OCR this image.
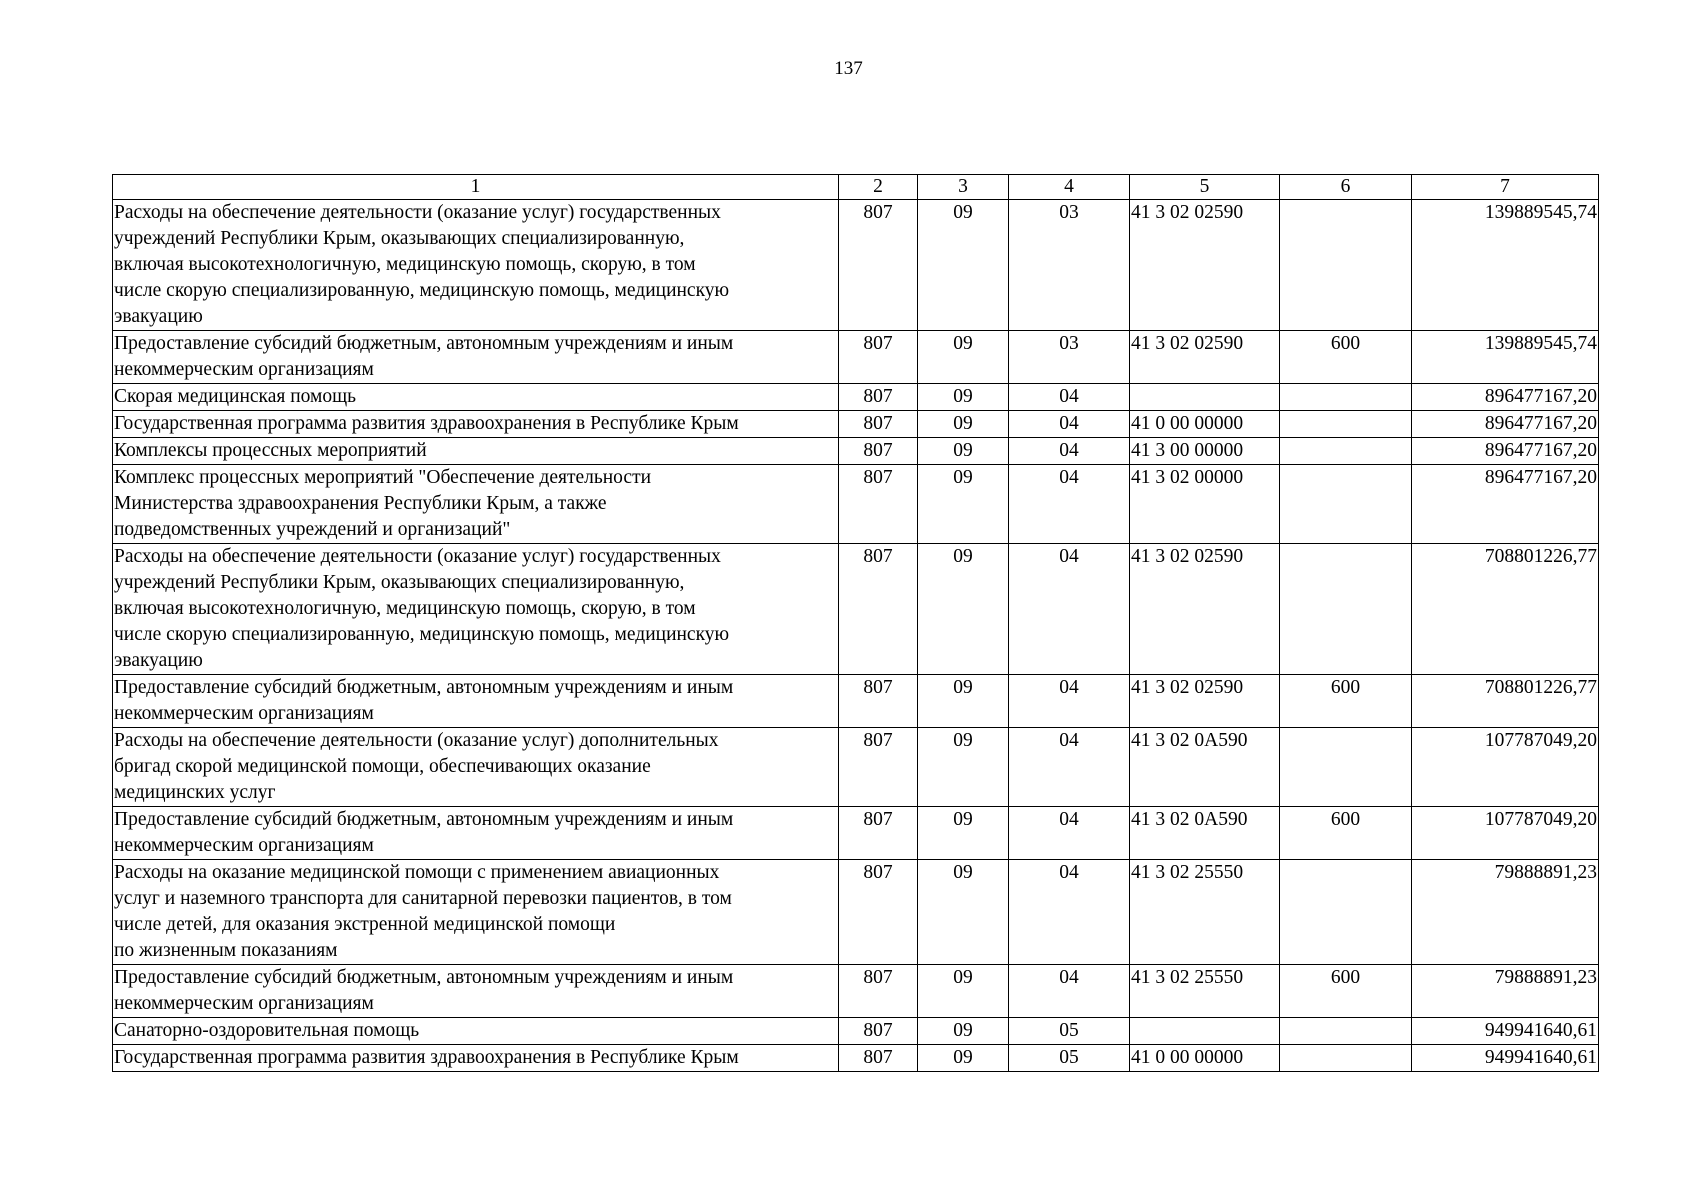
137
1	2	3	4	5	6	7
Расходы на обеспечение деятельности (оказание услуг) государственных
учреждений Республики Крым, оказывающих специализированную,
включая высокотехнологичную, медицинскую помощь, скорую, в том
числе скорую специализированную, медицинскую помощь, медицинскую
эвакуацию	807	09	03	41 3 02 02590		139889545,74
Предоставление субсидий бюджетным, автономным учреждениям и иным
некоммерческим организациям	807	09	03	41 3 02 02590	600	139889545,74
Скорая медицинская помощь	807	09	04			896477167,20
Государственная программа развития здравоохранения в Республике Крым	807	09	04	41 0 00 00000		896477167,20
Комплексы процессных мероприятий	807	09	04	41 3 00 00000		896477167,20
Комплекс процессных мероприятий "Обеспечение деятельности
Министерства здравоохранения Республики Крым, а также
подведомственных учреждений и организаций"	807	09	04	41 3 02 00000		896477167,20
Расходы на обеспечение деятельности (оказание услуг) государственных
учреждений Республики Крым, оказывающих специализированную,
включая высокотехнологичную, медицинскую помощь, скорую, в том
числе скорую специализированную, медицинскую помощь, медицинскую
эвакуацию	807	09	04	41 3 02 02590		708801226,77
Предоставление субсидий бюджетным, автономным учреждениям и иным
некоммерческим организациям	807	09	04	41 3 02 02590	600	708801226,77
Расходы на обеспечение деятельности (оказание услуг) дополнительных
бригад скорой медицинской помощи, обеспечивающих оказание
медицинских услуг	807	09	04	41 3 02 0А590		107787049,20
Предоставление субсидий бюджетным, автономным учреждениям и иным
некоммерческим организациям	807	09	04	41 3 02 0А590	600	107787049,20
Расходы на оказание медицинской помощи с применением авиационных
услуг и наземного транспорта для санитарной перевозки пациентов, в том
числе детей, для оказания экстренной медицинской помощи
по жизненным показаниям	807	09	04	41 3 02 25550		79888891,23
Предоставление субсидий бюджетным, автономным учреждениям и иным
некоммерческим организациям	807	09	04	41 3 02 25550	600	79888891,23
Санаторно-оздоровительная помощь	807	09	05			949941640,61
Государственная программа развития здравоохранения в Республике Крым	807	09	05	41 0 00 00000		949941640,61
